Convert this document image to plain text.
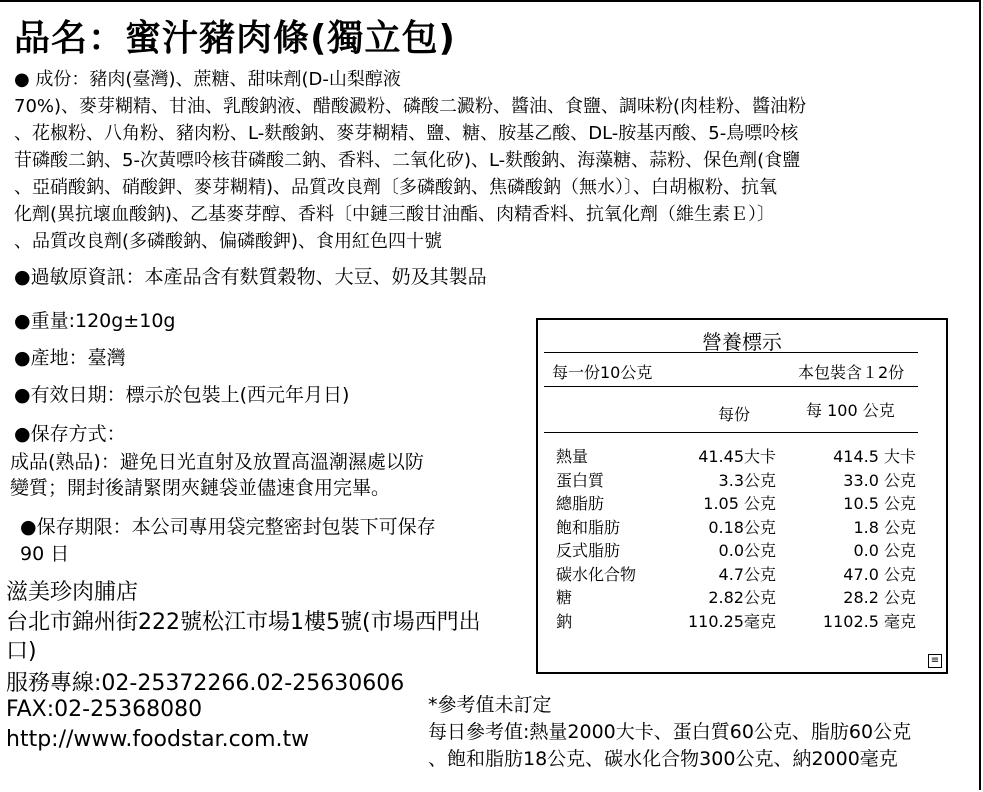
品名：蜜汁豬肉條(獨立包)
● 成份：豬肉(臺灣)、蔗糖、甜味劑(D-山梨醇液
70%)、麥芽糊精、甘油、乳酸鈉液、醋酸澱粉、磷酸二澱粉、醬油、食鹽、調味粉(肉桂粉、醬油粉
、花椒粉、八角粉、豬肉粉、L-麩酸鈉、麥芽糊精、鹽、糖、胺基乙酸、DL-胺基丙酸、5-鳥嘌呤核
苷磷酸二鈉、5-次黃嘌呤核苷磷酸二鈉、香料、二氧化矽)、L-麩酸鈉、海藻糖、蒜粉、保色劑(食鹽
、亞硝酸鈉、硝酸鉀、麥芽糊精)、品質改良劑〔多磷酸鈉、焦磷酸鈉（無水）〕、白胡椒粉、抗氧
化劑(異抗壞血酸鈉)、乙基麥芽醇、香料〔中鏈三酸甘油酯、肉精香料、抗氧化劑（維生素Ｅ）〕
、品質改良劑(多磷酸鈉、偏磷酸鉀)、食用紅色四十號
●過敏原資訊：本產品含有麩質穀物、大豆、奶及其製品
●重量:120g±10g
●產地：臺灣
●有效日期：標示於包裝上(西元年月日)
●保存方式：
成品(熟品)：避免日光直射及放置高溫潮濕處以防
變質；開封後請緊閉夾鏈袋並儘速食用完畢。
●保存期限：本公司專用袋完整密封包裝下可保存
90 日
滋美珍肉脯店
台北市錦州街222號松江市場1樓5號(市場西門出
口)
服務專線:02-25372266.02-25630606
FAX:02-25368080
http://www.foodstar.com.tw
營養標示
每一份10公克	本包裝含１2份
每份	每 100 公克
熱量	41.45大卡	414.5 大卡
蛋白質	3.3公克	33.0 公克
總脂肪	1.05 公克	10.5 公克
飽和脂肪	0.18公克	1.8 公克
反式脂肪	0.0公克	0.0 公克
碳水化合物	4.7公克	47.0 公克
糖	2.82公克	28.2 公克
鈉	110.25毫克	1102.5 毫克
≡
*參考值未訂定
每日參考值:熱量2000大卡、蛋白質60公克、脂肪60公克
、飽和脂肪18公克、碳水化合物300公克、納2000毫克
